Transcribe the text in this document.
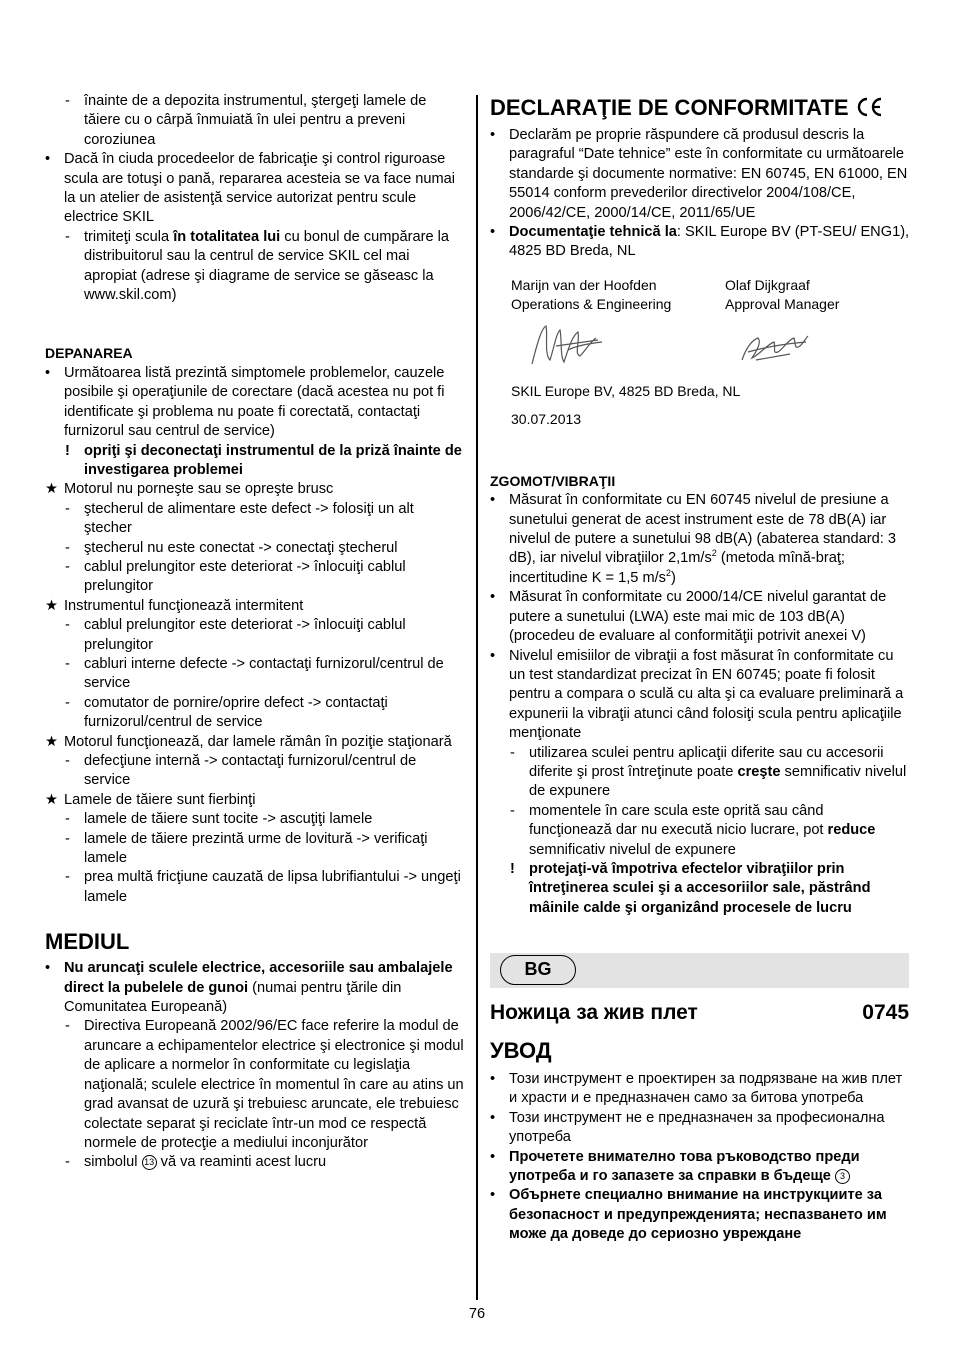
- înainte de a depozita instrumentul, ştergeţi lamele de tăiere cu o cârpă înmuiată în ulei pentru a preveni coroziunea
• Dacă în ciuda procedeelor de fabricaţie şi control riguroase scula are totuşi o pană, repararea acesteia se va face numai la un atelier de asistenţă service autorizat pentru scule electrice SKIL
- trimiteţi scula în totalitatea lui cu bonul de cumpărare la distribuitorul sau la centrul de service SKIL cel mai apropiat (adrese şi diagrame de service se găseasc la www.skil.com)
DEPANAREA
• Următoarea listă prezintă simptomele problemelor, cauzele posibile şi operaţiunile de corectare (dacă acestea nu pot fi identificate şi problema nu poate fi corectată, contactaţi furnizorul sau centrul de service)
! opriţi şi deconectaţi instrumentul de la priză înainte de investigarea problemei
★ Motorul nu porneşte sau se opreşte brusc
- ştecherul de alimentare este defect -> folosiţi un alt ştecher
- ştecherul nu este conectat -> conectaţi ştecherul
- cablul prelungitor este deteriorat -> înlocuiţi cablul prelungitor
★ Instrumentul funcţionează intermitent
- cablul prelungitor este deteriorat -> înlocuiţi cablul prelungitor
- cabluri interne defecte -> contactaţi furnizorul/centrul de service
- comutator de pornire/oprire defect -> contactaţi furnizorul/centrul de service
★ Motorul funcţionează, dar lamele rămân în poziţie staţionară
- defecţiune internă -> contactaţi furnizorul/centrul de service
★ Lamele de tăiere sunt fierbinţi
- lamele de tăiere sunt tocite -> ascuţiţi lamele
- lamele de tăiere prezintă urme de lovitură -> verificaţi lamele
- prea multă fricţiune cauzată de lipsa lubrifiantului -> ungeţi lamele
MEDIUL
• Nu aruncaţi sculele electrice, accesoriile sau ambalajele direct la pubelele de gunoi (numai pentru ţările din Comunitatea Europeană)
- Directiva Europeană 2002/96/EC face referire la modul de aruncare a echipamentelor electrice şi electronice şi modul de aplicare a normelor în conformitate cu legislaţia naţională; sculele electrice în momentul în care au atins un grad avansat de uzură şi trebuiesc aruncate, ele trebuiesc colectate separat şi reciclate într-un mod ce respectă normele de protecţie a mediului inconjurător
- simbolul 13 vă va reaminti acest lucru
DECLARAŢIE DE CONFORMITATE
• Declarăm pe proprie răspundere că produsul descris la paragraful “Date tehnice” este în conformitate cu următoarele standarde şi documente normative: EN 60745, EN 61000, EN 55014 conform prevederilor directivelor 2004/108/CE, 2006/42/CE, 2000/14/CE, 2011/65/UE
• Documentaţie tehnică la: SKIL Europe BV (PT-SEU/ ENG1), 4825 BD Breda, NL
Marijn van der Hoofden
Operations & Engineering
Olaf Dijkgraaf
Approval Manager
SKIL Europe BV, 4825 BD Breda, NL
30.07.2013
ZGOMOT/VIBRAŢII
• Măsurat în conformitate cu EN 60745 nivelul de presiune a sunetului generat de acest instrument este de 78 dB(A) iar nivelul de putere a sunetului 98 dB(A) (abaterea standard: 3 dB), iar nivelul vibraţiilor $2,1m/s^2$ (metoda mînă-braţ; incertitudine K = 1,5 $m/s^2$)
• Măsurat în conformitate cu 2000/14/CE nivelul garantat de putere a sunetului (LWA) este mai mic de 103 dB(A) (procedeu de evaluare al conformităţii potrivit anexei V)
• Nivelul emisiilor de vibraţii a fost măsurat în conformitate cu un test standardizat precizat în EN 60745; poate fi folosit pentru a compara o sculă cu alta şi ca evaluare preliminară a expunerii la vibraţii atunci când folosiţi scula pentru aplicaţiile menţionate
- utilizarea sculei pentru aplicaţii diferite sau cu accesorii diferite şi prost întreţinute poate creşte semnificativ nivelul de expunere
- momentele în care scula este oprită sau când funcţionează dar nu execută nicio lucrare, pot reduce semnificativ nivelul de expunere
! protejaţi-vă împotriva efectelor vibraţiilor prin întreţinerea sculei şi a accesoriilor sale, păstrând mâinile calde şi organizând procesele de lucru
BG
Ножица за жив плет	0745
УВОД
• Този инструмент е проектирен за подрязване на жив плет и храсти и е предназначен само за битова употреба
• Този инструмент не е предназначен за професионална употреба
• Прочетете внимателно това ръководство преди употреба и го запазете за справки в бъдеще 3
• Обърнете специално внимание на инструкциите за безопасност и предупрежденията; неспазването им може да доведе до сериозно увреждане
76
